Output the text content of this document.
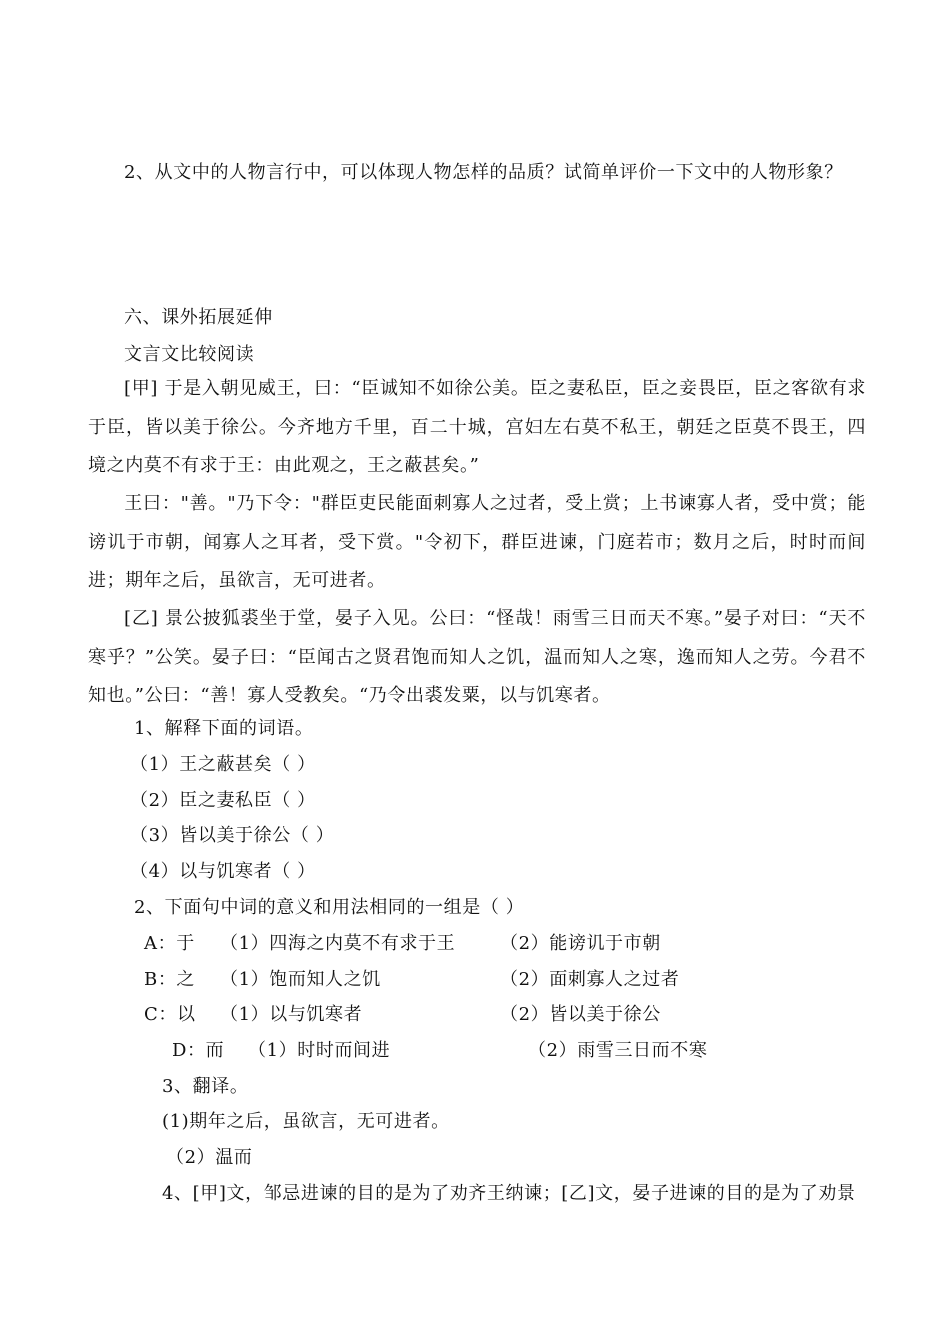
2、从文中的人物言行中，可以体现人物怎样的品质？试简单评价一下文中的人物形象？
六、课外拓展延伸
文言文比较阅读
[甲] 于是入朝见威王，曰：“臣诚知不如徐公美。臣之妻私臣，臣之妾畏臣，臣之客欲有求于臣，皆以美于徐公。今齐地方千里，百二十城，宫妇左右莫不私王，朝廷之臣莫不畏王，四境之内莫不有求于王：由此观之，王之蔽甚矣。”
王曰："善。"乃下令："群臣吏民能面刺寡人之过者，受上赏；上书谏寡人者，受中赏；能谤讥于市朝，闻寡人之耳者，受下赏。"令初下，群臣进谏，门庭若市；数月之后，时时而间进；期年之后，虽欲言，无可进者。
[乙] 景公披狐裘坐于堂，晏子入见。公曰：“怪哉！雨雪三日而天不寒。”晏子对曰：“天不寒乎？”公笑。晏子曰：“臣闻古之贤君饱而知人之饥，温而知人之寒，逸而知人之劳。今君不知也。”公曰：“善！寡人受教矣。“乃令出裘发粟，以与饥寒者。
1、解释下面的词语。
（1）王之蔽甚矣（ ）
（2）臣之妻私臣（ ）
（3）皆以美于徐公（ ）
（4）以与饥寒者（ ）
2、下面句中词的意义和用法相同的一组是（ ）
A：于 （1）四海之内莫不有求于王 （2）能谤讥于市朝
B：之 （1）饱而知人之饥	（2）面刺寡人之过者
C：以 （1）以与饥寒者	（2）皆以美于徐公
D：而 （1）时时而间进	（2）雨雪三日而不寒
3、翻译。
(1)期年之后，虽欲言，无可进者。
（2）温而
4、[甲]文，邹忌进谏的目的是为了劝齐王纳谏；[乙]文，晏子进谏的目的是为了劝景
